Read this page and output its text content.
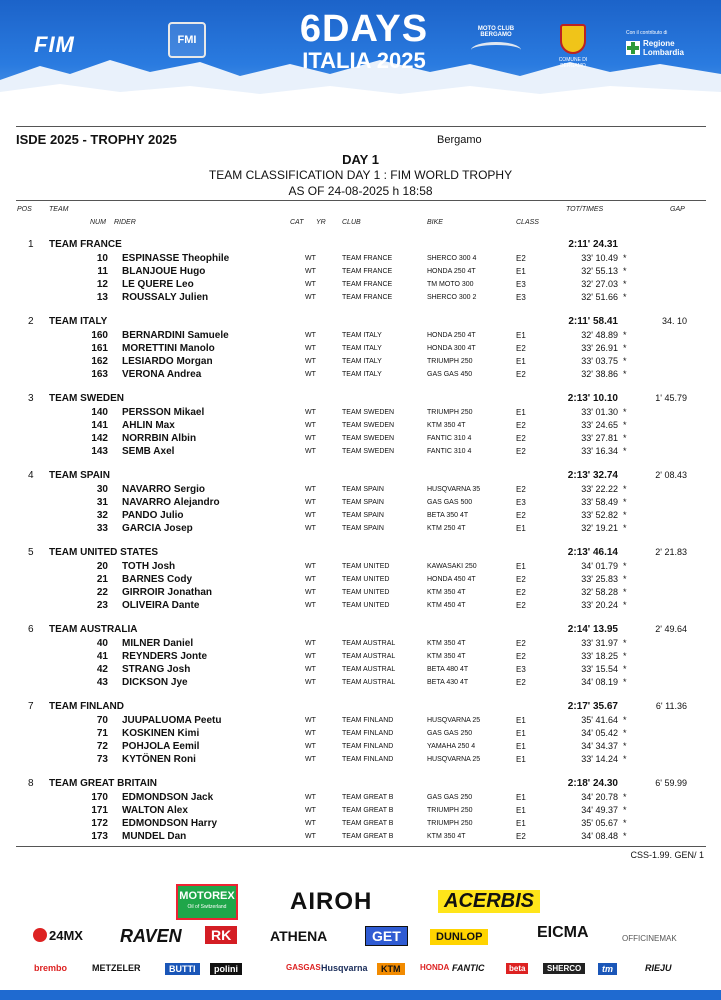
FIM	FMI	6DAYS
ITALIA 2025
MOTO CLUB BERGAMO
COMUNE DI BERGAMO
Con il contributo di
Regione
Lombardia
ISDE 2025 - TROPHY 2025	Bergamo
DAY 1
TEAM CLASSIFICATION DAY 1 : FIM WORLD TROPHY
AS OF 24-08-2025 h 18:58
POS TEAM
NUM RIDER	CAT YR CLUB	BIKE	CLASS
TOT/TIMES	GAP
1 TEAM FRANCE	2:11' 24.31
10 ESPINASSE Theophile	WT	TEAM FRANCE	SHERCO 300 4	E2	33' 10.49 *
11 BLANJOUE Hugo	WT	TEAM FRANCE	HONDA 250 4T	E1	32' 55.13 *
12 LE QUERE Leo	WT	TEAM FRANCE	TM MOTO 300	E3	32' 27.03 *
13 ROUSSALY Julien	WT	TEAM FRANCE	SHERCO 300 2	E3	32' 51.66 *
2 TEAM ITALY	2:11' 58.41	34. 10
160 BERNARDINI Samuele	WT	TEAM ITALY	HONDA 250 4T	E1	32' 48.89 *
161 MORETTINI Manolo	WT	TEAM ITALY	HONDA 300 4T	E2	33' 26.91 *
162 LESIARDO Morgan	WT	TEAM ITALY	TRIUMPH 250	E1	33' 03.75 *
163 VERONA Andrea	WT	TEAM ITALY	GAS GAS 450	E2	32' 38.86 *
3 TEAM SWEDEN	2:13' 10.10	1' 45.79
140 PERSSON Mikael	WT	TEAM SWEDEN	TRIUMPH 250	E1	33' 01.30 *
141 AHLIN Max	WT	TEAM SWEDEN	KTM 350 4T	E2	33' 24.65 *
142 NORRBIN Albin	WT	TEAM SWEDEN	FANTIC 310 4	E2	33' 27.81 *
143 SEMB Axel	WT	TEAM SWEDEN	FANTIC 310 4	E2	33' 16.34 *
4 TEAM SPAIN	2:13' 32.74	2' 08.43
30 NAVARRO Sergio	WT	TEAM SPAIN	HUSQVARNA 35	E2	33' 22.22 *
31 NAVARRO Alejandro	WT	TEAM SPAIN	GAS GAS 500	E3	33' 58.49 *
32 PANDO Julio	WT	TEAM SPAIN	BETA 350 4T	E2	33' 52.82 *
33 GARCIA Josep	WT	TEAM SPAIN	KTM 250 4T	E1	32' 19.21 *
5 TEAM UNITED STATES	2:13' 46.14	2' 21.83
20 TOTH Josh	WT	TEAM UNITED	KAWASAKI 250	E1	34' 01.79 *
21 BARNES Cody	WT	TEAM UNITED	HONDA 450 4T	E2	33' 25.83 *
22 GIRROIR Jonathan	WT	TEAM UNITED	KTM 350 4T	E2	32' 58.28 *
23 OLIVEIRA Dante	WT	TEAM UNITED	KTM 450 4T	E2	33' 20.24 *
6 TEAM AUSTRALIA	2:14' 13.95	2' 49.64
40 MILNER Daniel	WT	TEAM AUSTRAL	KTM 350 4T	E2	33' 31.97 *
41 REYNDERS Jonte	WT	TEAM AUSTRAL	KTM 350 4T	E2	33' 18.25 *
42 STRANG Josh	WT	TEAM AUSTRAL	BETA 480 4T	E3	33' 15.54 *
43 DICKSON Jye	WT	TEAM AUSTRAL	BETA 430 4T	E2	34' 08.19 *
7 TEAM FINLAND	2:17' 35.67	6' 11.36
70 JUUPALUOMA Peetu	WT	TEAM FINLAND	HUSQVARNA 25	E1	35' 41.64 *
71 KOSKINEN Kimi	WT	TEAM FINLAND	GAS GAS 250	E1	34' 05.42 *
72 POHJOLA Eemil	WT	TEAM FINLAND	YAMAHA 250 4	E1	34' 34.37 *
73 KYTÖNEN Roni	WT	TEAM FINLAND	HUSQVARNA 25	E1	33' 14.24 *
8 TEAM GREAT BRITAIN	2:18' 24.30	6' 59.99
170 EDMONDSON Jack	WT	TEAM GREAT B	GAS GAS 250	E1	34' 20.78 *
171 WALTON Alex	WT	TEAM GREAT B	TRIUMPH 250	E1	34' 49.37 *
172 EDMONDSON Harry	WT	TEAM GREAT B	TRIUMPH 250	E1	35' 05.67 *
173 MUNDEL Dan	WT	TEAM GREAT B	KTM 350 4T	E2	34' 08.48 *
CSS-1.99. GEN/ 1
MOTOREX
Oil of Switzerland	AIROH	ACERBIS
24MX RAVEN	RK	ATHENA	GET	DUNLOP	EICMA	OFFICINEMAK
brembo	METZELER	BUTTI	polini	GASGAS Husqvarna	KTM	HONDA FANTIC	beta	SHERCO	tm	RIEJU
